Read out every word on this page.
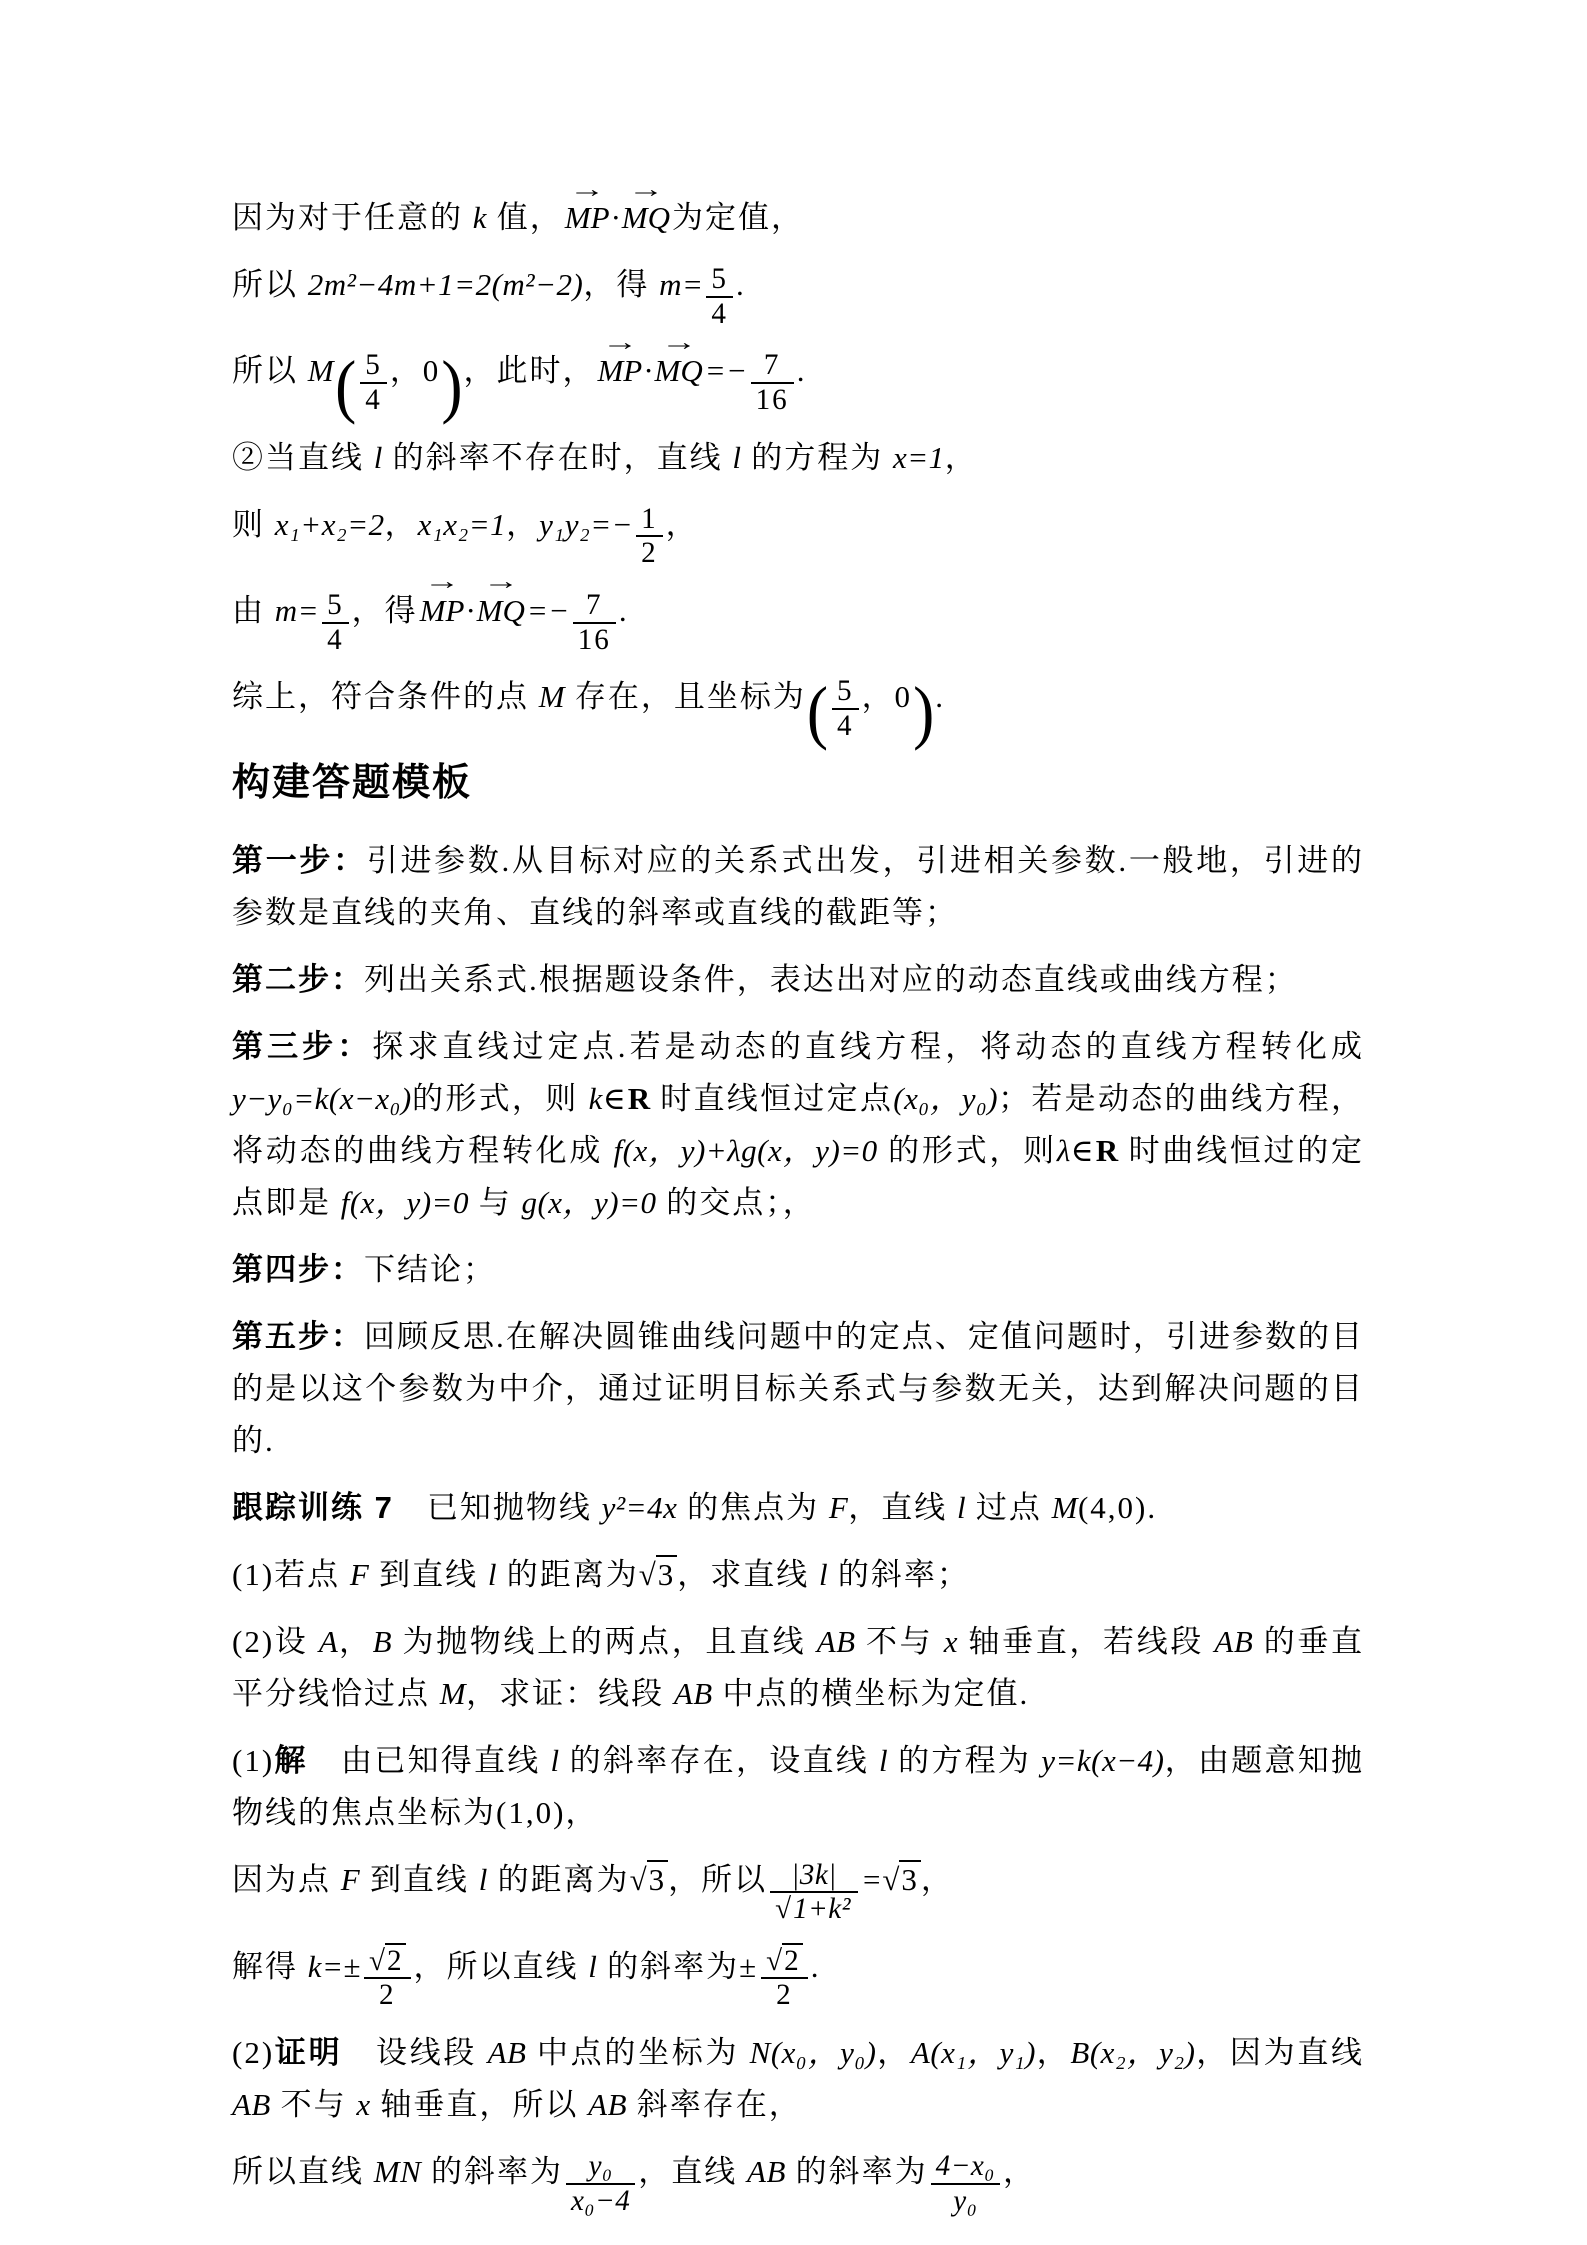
因为对于任意的 k 值，MP →·MQ →为定值，
所以 2m²−4m+1=2(m²−2)，得 $m= \frac{5}{4}$ .
所以 $M( \frac{5}{4}$ ，0)，此时，MP →·MQ →=− $\frac{7}{16}$ .
②当直线 l 的斜率不存在时，直线 l 的方程为 x=1，
则 x₁+x₂=2，x₁x₂=1，$y_1y_2=- \frac{1}{2}$ ，
由 $m= \frac{5}{4}$ ，得MP →·MQ →=− $\frac{7}{16}$ .
综上，符合条件的点 M 存在，且坐标为( $\frac{5}{4}$ ，0).
构建答题模板
第一步：引进参数.从目标对应的关系式出发，引进相关参数.一般地，引进的参数是直线的夹角、直线的斜率或直线的截距等；
第二步：列出关系式.根据题设条件，表达出对应的动态直线或曲线方程；
第三步：探求直线过定点.若是动态的直线方程，将动态的直线方程转化成 y−y₀=k(x−x₀)的形式，则 k∈R 时直线恒过定点(x₀，y₀)；若是动态的曲线方程，将动态的曲线方程转化成 f(x，y)+λg(x，y)=0 的形式，则λ∈R 时曲线恒过的定点即是 f(x，y)=0 与 g(x，y)=0 的交点；，
第四步：下结论；
第五步：回顾反思.在解决圆锥曲线问题中的定点、定值问题时，引进参数的目的是以这个参数为中介，通过证明目标关系式与参数无关，达到解决问题的目的.
跟踪训练 7　已知抛物线 y²=4x 的焦点为 F，直线 l 过点 M(4,0).
(1)若点 F 到直线 l 的距离为√3，求直线 l 的斜率；
(2)设 A，B 为抛物线上的两点，且直线 AB 不与 x 轴垂直，若线段 AB 的垂直平分线恰过点 M，求证：线段 AB 中点的横坐标为定值.
(1)解　由已知得直线 l 的斜率存在，设直线 l 的方程为 y=k(x−4)，由题意知抛物线的焦点坐标为(1,0)，
因为点 F 到直线 l 的距离为√3，所以 $\frac{|3k|}{\text{√1+k²}} =√3$，
解得 $k=\pm \frac{√2}{2}$ ，所以直线 l 的斜率为± $\frac{√2}{2}$ .
(2)证明　设线段 AB 中点的坐标为 N(x₀，y₀)，A(x₁，y₁)，B(x₂，y₂)，因为直线 AB 不与 x 轴垂直，所以 AB 斜率存在，
所以直线 MN 的斜率为 $\frac{\text{y₀}}{\text{x₀−4}}$ ，直线 AB 的斜率为 $\frac{\text{4−x₀}}{\text{y₀}}$ ，
